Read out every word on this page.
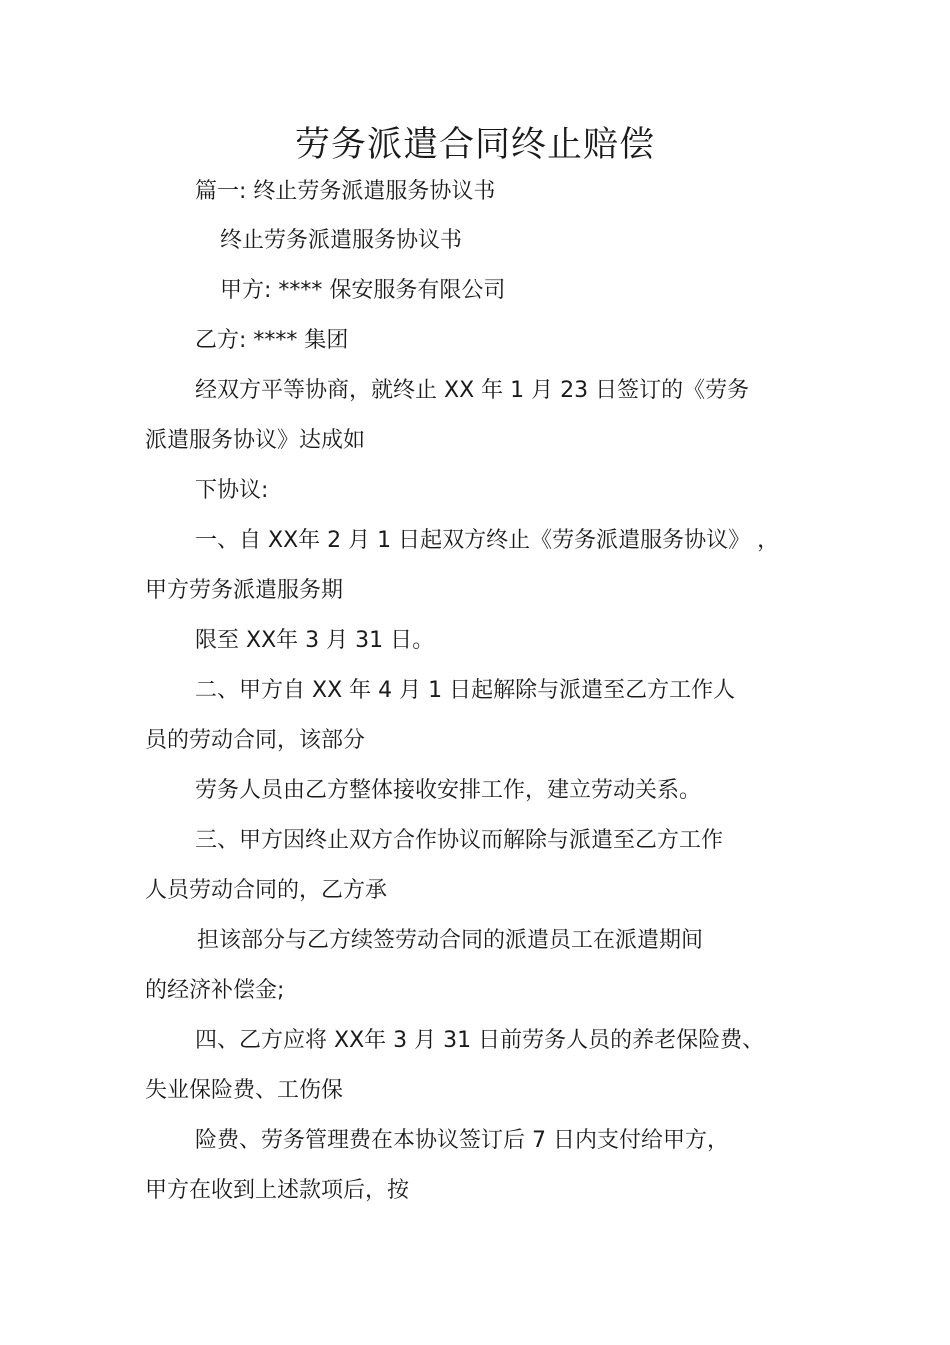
劳务派遣合同终止赔偿
篇一: 终止劳务派遣服务协议书
终止劳务派遣服务协议书
甲方: **** 保安服务有限公司
乙方: **** 集团
经双方平等协商，就终止 XX 年 1 月 23 日签订的《劳务
派遣服务协议》达成如
下协议:
一、自 XX年 2 月 1 日起双方终止《劳务派遣服务协议》 ，
甲方劳务派遣服务期
限至 XX年 3 月 31 日。
二、甲方自 XX 年 4 月 1 日起解除与派遣至乙方工作人
员的劳动合同，该部分
劳务人员由乙方整体接收安排工作，建立劳动关系。
三、甲方因终止双方合作协议而解除与派遣至乙方工作
人员劳动合同的，乙方承
担该部分与乙方续签劳动合同的派遣员工在派遣期间
的经济补偿金;
四、乙方应将 XX年 3 月 31 日前劳务人员的养老保险费、
失业保险费、工伤保
险费、劳务管理费在本协议签订后 7 日内支付给甲方，
甲方在收到上述款项后，按
